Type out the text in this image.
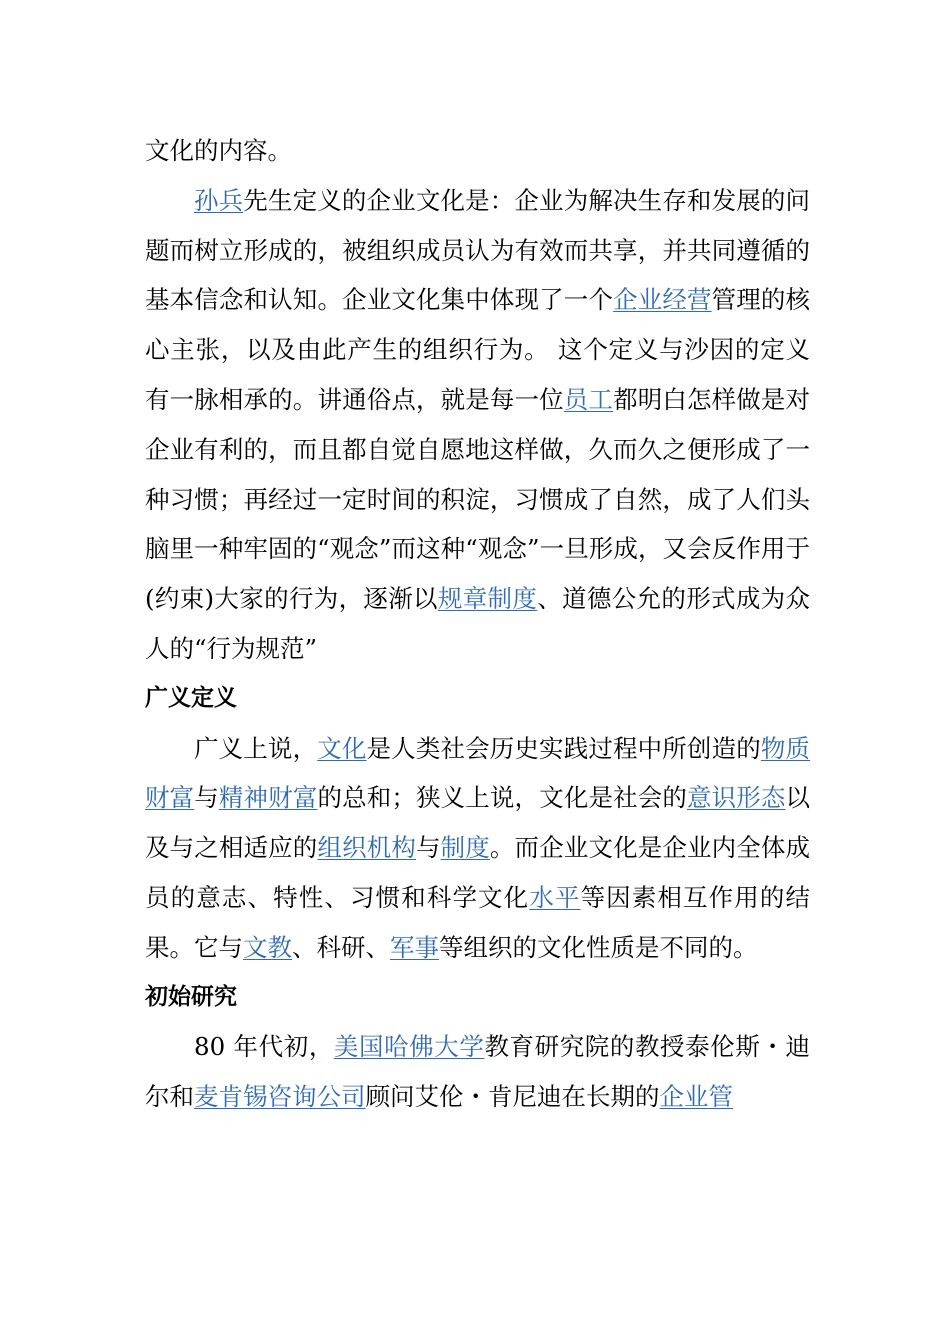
文化的内容。

孙兵先生定义的企业文化是：企业为解决生存和发展的问题而树立形成的，被组织成员认为有效而共享，并共同遵循的基本信念和认知。企业文化集中体现了一个企业经营管理的核心主张，以及由此产生的组织行为。 这个定义与沙因的定义有一脉相承的。讲通俗点，就是每一位员工都明白怎样做是对企业有利的，而且都自觉自愿地这样做，久而久之便形成了一种习惯；再经过一定时间的积淀，习惯成了自然，成了人们头脑里一种牢固的“观念”而这种“观念”一旦形成，又会反作用于(约束)大家的行为，逐渐以规章制度、道德公允的形式成为众人的“行为规范”

广义定义

广义上说，文化是人类社会历史实践过程中所创造的物质财富与精神财富的总和；狭义上说，文化是社会的意识形态以及与之相适应的组织机构与制度。而企业文化是企业内全体成员的意志、特性、习惯和科学文化水平等因素相互作用的结果。它与文教、科研、军事等组织的文化性质是不同的。

初始研究

80 年代初，美国哈佛大学教育研究院的教授泰伦斯・迪尔和麦肯锡咨询公司顾问艾伦・肯尼迪在长期的企业管
